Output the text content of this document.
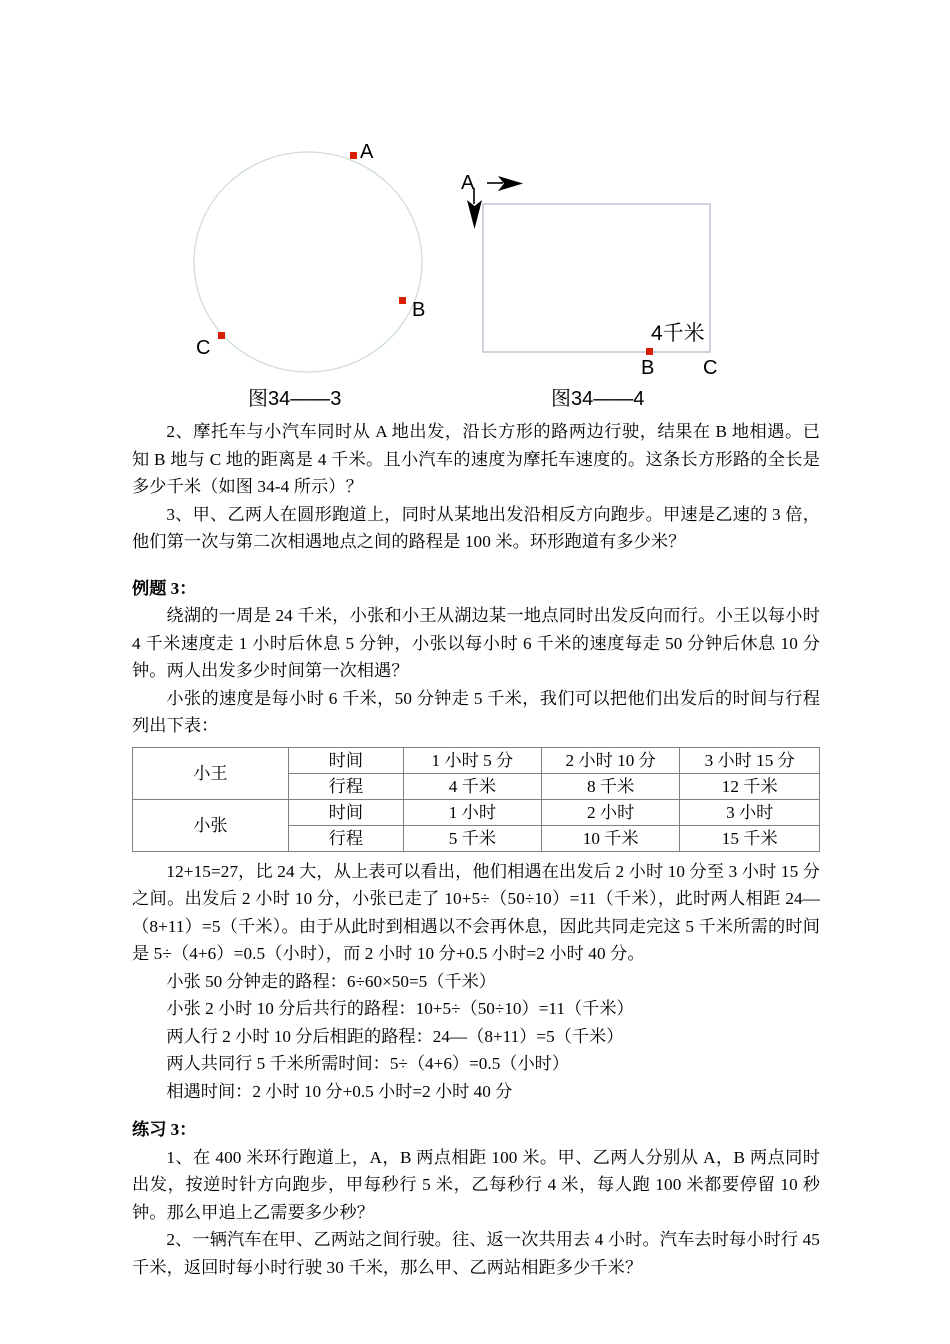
A
B
C
A
4千米
B C
图34——3	图34——4

2、摩托车与小汽车同时从 A 地出发，沿长方形的路两边行驶，结果在 B 地相遇。已知 B 地与 C 地的距离是 4 千米。且小汽车的速度为摩托车速度的。这条长方形路的全长是多少千米（如图 34-4 所示）？

3、甲、乙两人在圆形跑道上，同时从某地出发沿相反方向跑步。甲速是乙速的 3 倍，他们第一次与第二次相遇地点之间的路程是 100 米。环形跑道有多少米？

例题 3：

绕湖的一周是 24 千米，小张和小王从湖边某一地点同时出发反向而行。小王以每小时 4 千米速度走 1 小时后休息 5 分钟，小张以每小时 6 千米的速度每走 50 分钟后休息 10 分钟。两人出发多少时间第一次相遇？

小张的速度是每小时 6 千米，50 分钟走 5 千米，我们可以把他们出发后的时间与行程列出下表：

小王	时间	1 小时 5 分	2 小时 10 分	3 小时 15 分
	行程	4 千米	8 千米	12 千米
小张	时间	1 小时	2 小时	3 小时
	行程	5 千米	10 千米	15 千米

12+15=27，比 24 大，从上表可以看出，他们相遇在出发后 2 小时 10 分至 3 小时 15 分之间。出发后 2 小时 10 分，小张已走了 10+5÷（50÷10）=11（千米），此时两人相距 24—（8+11）=5（千米）。由于从此时到相遇以不会再休息，因此共同走完这 5 千米所需的时间是 5÷（4+6）=0.5（小时），而 2 小时 10 分+0.5 小时=2 小时 40 分。

小张 50 分钟走的路程：6÷60×50=5（千米）

小张 2 小时 10 分后共行的路程：10+5÷（50÷10）=11（千米）

两人行 2 小时 10 分后相距的路程：24—（8+11）=5（千米）

两人共同行 5 千米所需时间：5÷（4+6）=0.5（小时）

相遇时间：2 小时 10 分+0.5 小时=2 小时 40 分

练习 3：

1、在 400 米环行跑道上，A，B 两点相距 100 米。甲、乙两人分别从 A，B 两点同时出发，按逆时针方向跑步，甲每秒行 5 米，乙每秒行 4 米，每人跑 100 米都要停留 10 秒钟。那么甲追上乙需要多少秒？

2、一辆汽车在甲、乙两站之间行驶。往、返一次共用去 4 小时。汽车去时每小时行 45 千米，返回时每小时行驶 30 千米，那么甲、乙两站相距多少千米？
